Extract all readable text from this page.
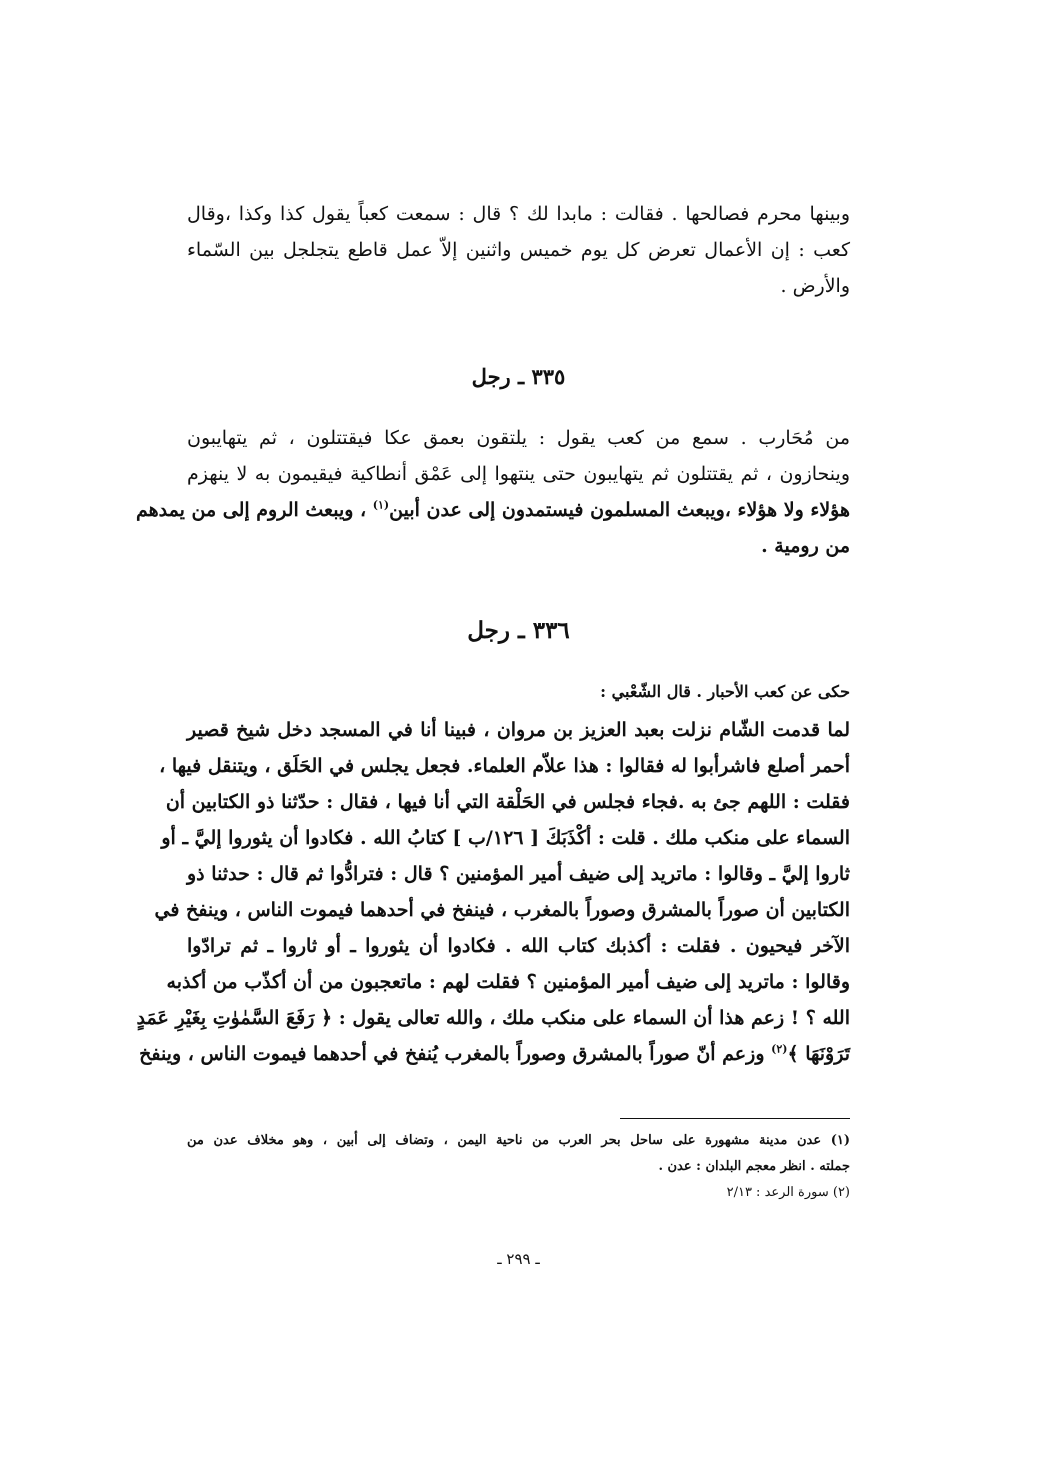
وبينها محرم فصالحها . فقالت : مابدا لك ؟ قال : سمعت كعباً يقول كذا وكذا ،وقال
كعب : إن الأعمال تعرض كل يوم خميس واثنين إلاّ عمل قاطع يتجلجل بين السّماء
والأرض .
٣٣٥ ـ رجل
من مُحَارب . سمع من كعب يقول : يلتقون بعمق عكا فيقتتلون ، ثم يتهايبون
وينحازون ، ثم يقتتلون ثم يتهايبون حتى ينتهوا إلى عَمْق أنطاكية فيقيمون به لا ينهزم
هؤلاء ولا هؤلاء ،ويبعث المسلمون فيستمدون إلى عدن أبين$^{(١)}$ ، ويبعث الروم إلى من يمدهم
من رومية .
٣٣٦ ـ رجل
حكى عن كعب الأحبار . قال الشّعْبي :
لما قدمت الشّام نزلت بعبد العزيز بن مروان ، فبينا أنا في المسجد دخل شيخ قصير
أحمر أصلع فاشرأبوا له فقالوا : هذا علاّم العلماء. فجعل يجلس في الحَلَق ، ويتنقل فيها ،
فقلت : اللهم جئ به .فجاء فجلس في الحَلْقة التي أنا فيها ، فقال : حدّثنا ذو الكتابين أن
السماء على منكب ملك . قلت : أكْذَبَكَ [ ١٢٦/ب ] كتابُ الله . فكادوا أن يثوروا إليَّ ـ أو
ثاروا إليَّ ـ وقالوا : ماتريد إلى ضيف أمير المؤمنين ؟ قال : فترادُّوا ثم قال : حدثنا ذو
الكتابين أن صوراً بالمشرق وصوراً بالمغرب ، فينفخ في أحدهما فيموت الناس ، وينفخ في
الآخر فيحيون . فقلت : أكذبك كتاب الله . فكادوا أن يثوروا ـ أو ثاروا ـ ثم ترادّوا
وقالوا : ماتريد إلى ضيف أمير المؤمنين ؟ فقلت لهم : ماتعجبون من أن أكذّب من أكذبه
الله ؟ ! زعم هذا أن السماء على منكب ملك ، والله تعالى يقول : ﴿ رَفَعَ السَّمٰوٰتِ بِغَيْرِ عَمَدٍ
تَرَوْنَهَا ﴾$^{(٢)}$ وزعم أنّ صوراً بالمشرق وصوراً بالمغرب يُنفخ في أحدهما فيموت الناس ، وينفخ
(١) عدن مدينة مشهورة على ساحل بحر العرب من ناحية اليمن ، وتضاف إلى أبين ، وهو مخلاف عدن من
جملته . انظر معجم البلدان : عدن .
(٢) سورة الرعد : ٢/١٣
ـ ٢٩٩ ـ
